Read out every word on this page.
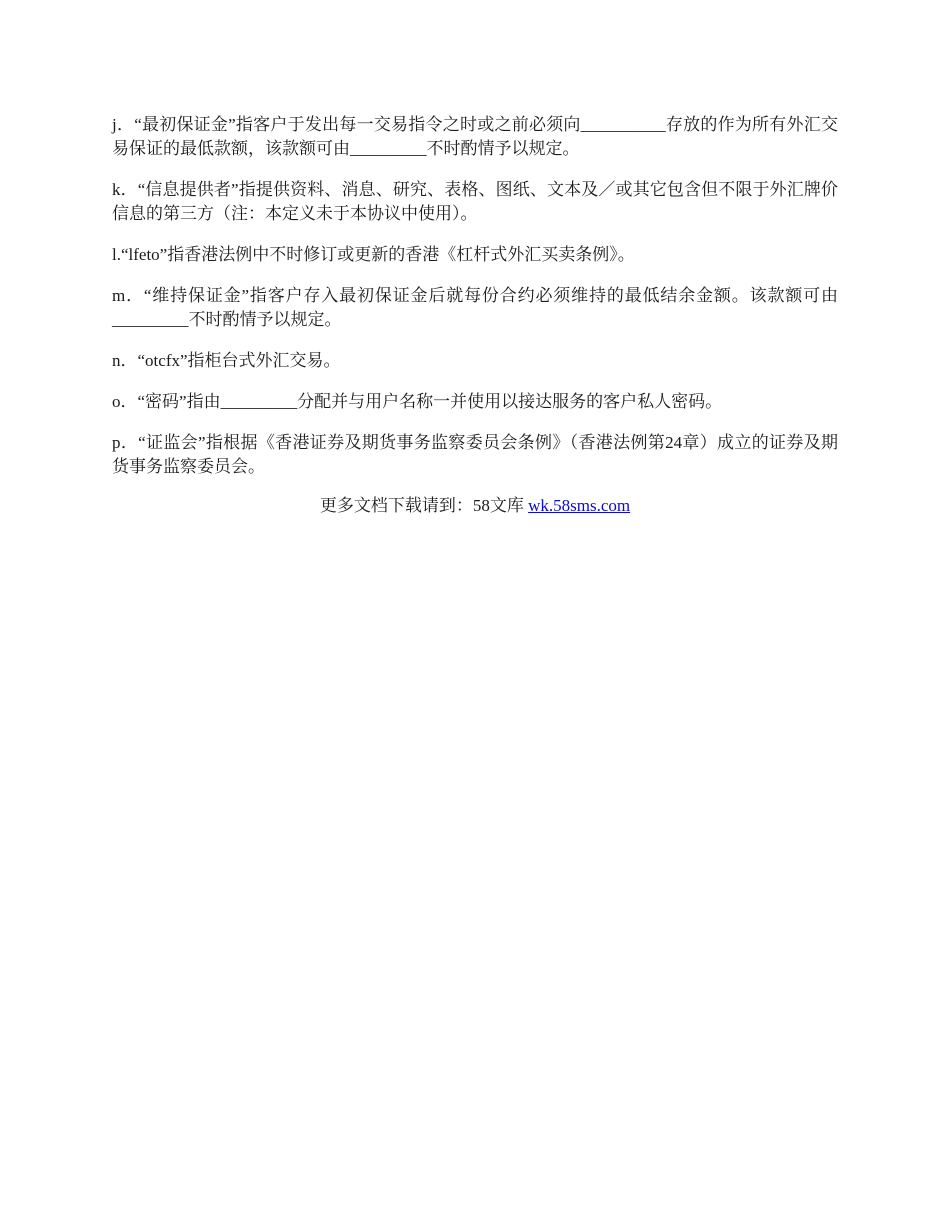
j．“最初保证金”指客户于发出每一交易指令之时或之前必须向__________存放的作为所有外汇交易保证的最低款额，该款额可由_________不时酌情予以规定。

k．“信息提供者”指提供资料、消息、研究、表格、图纸、文本及／或其它包含但不限于外汇牌价信息的第三方（注：本定义未于本协议中使用）。

l.“lfeto”指香港法例中不时修订或更新的香港《杠杆式外汇买卖条例》。

m．“维持保证金”指客户存入最初保证金后就每份合约必须维持的最低结余金额。该款额可由_________不时酌情予以规定。

n．“otcfx”指柜台式外汇交易。

o．“密码”指由_________分配并与用户名称一并使用以接达服务的客户私人密码。

p．“证监会”指根据《香港证券及期货事务监察委员会条例》（香港法例第24章）成立的证券及期货事务监察委员会。

更多文档下载请到：58文库 wk.58sms.com
